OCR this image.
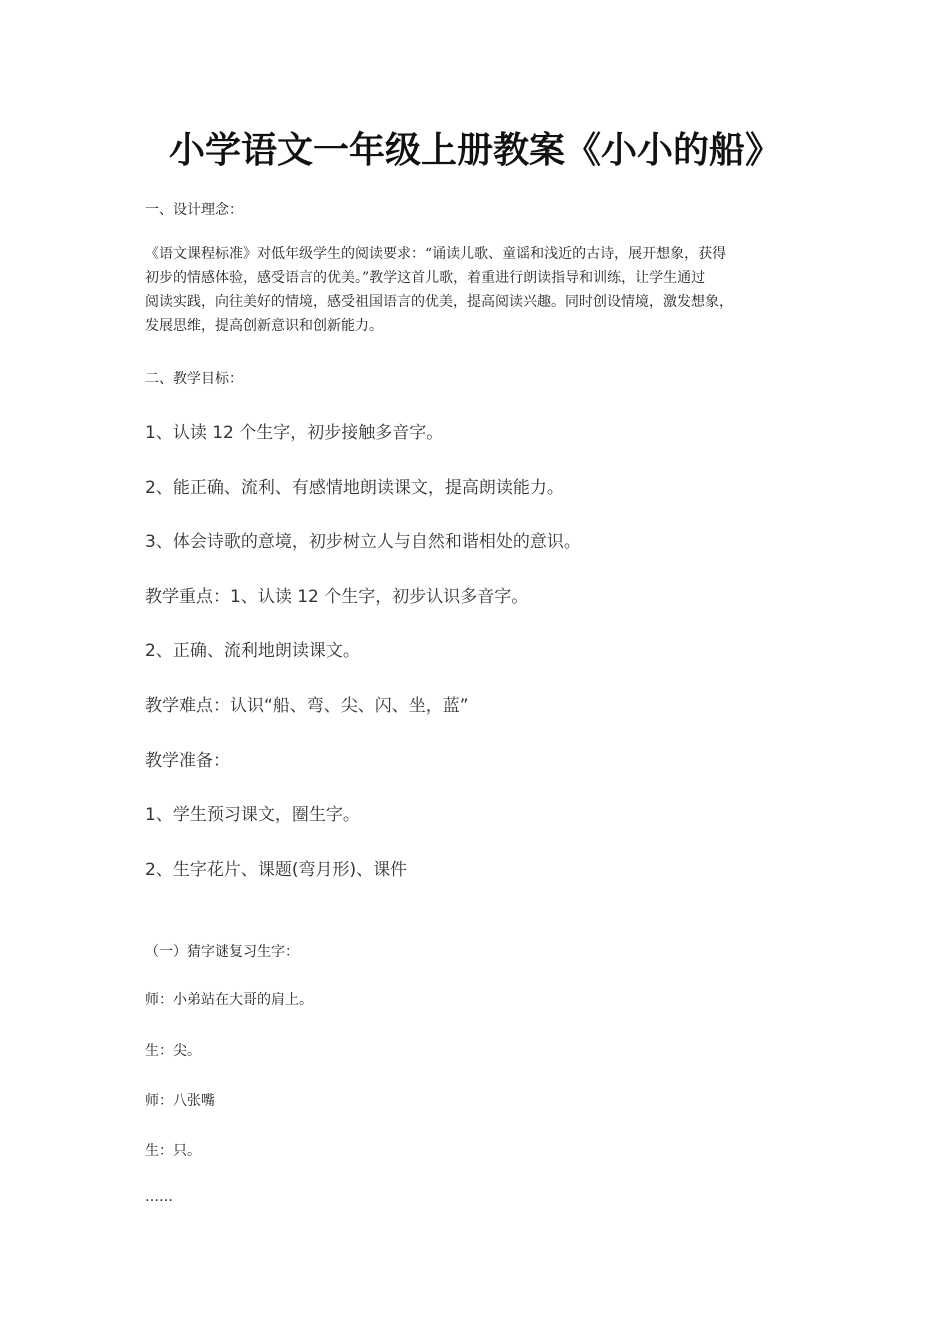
小学语文一年级上册教案《小小的船》

一、设计理念：

《语文课程标准》对低年级学生的阅读要求：“诵读儿歌、童谣和浅近的古诗，展开想象，获得
初步的情感体验，感受语言的优美。”教学这首儿歌，着重进行朗读指导和训练，让学生通过
阅读实践，向往美好的情境，感受祖国语言的优美，提高阅读兴趣。同时创设情境，激发想象，
发展思维，提高创新意识和创新能力。

二、教学目标：

1、认读 12 个生字，初步接触多音字。

2、能正确、流利、有感情地朗读课文，提高朗读能力。

3、体会诗歌的意境，初步树立人与自然和谐相处的意识。

教学重点：1、认读 12 个生字，初步认识多音字。

2、正确、流利地朗读课文。

教学难点：认识“船、弯、尖、闪、坐，蓝”

教学准备：

1、学生预习课文，圈生字。

2、生字花片、课题(弯月形)、课件

（一）猜字谜复习生字：

师：小弟站在大哥的肩上。

生：尖。

师：八张嘴

生：只。

……
